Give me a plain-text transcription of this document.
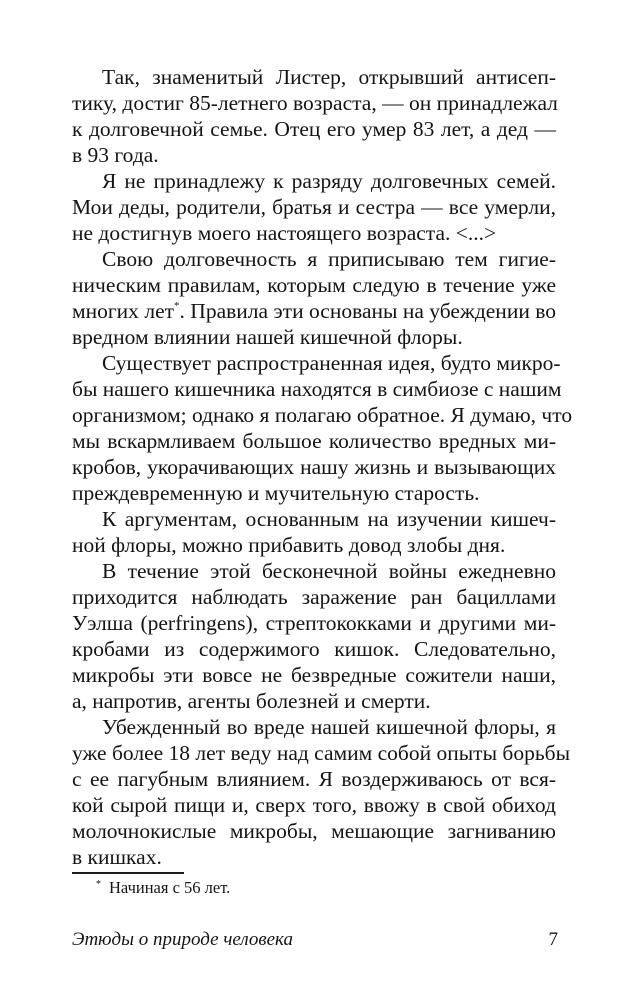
Так, знаменитый Листер, открывший антисеп-
тику, достиг 85-летнего возраста, — он принадлежал
к долговечной семье. Отец его умер 83 лет, а дед —
в 93 года.
Я не принадлежу к разряду долговечных семей.
Мои деды, родители, братья и сестра — все умерли,
не достигнув моего настоящего возраста. <...>
Свою долговечность я приписываю тем гигие-
ническим правилам, которым следую в течение уже
многих лет*. Правила эти основаны на убеждении во
вредном влиянии нашей кишечной флоры.
Существует распространенная идея, будто микро-
бы нашего кишечника находятся в симбиозе с нашим
организмом; однако я полагаю обратное. Я думаю, что
мы вскармливаем большое количество вредных ми-
кробов, укорачивающих нашу жизнь и вызывающих
преждевременную и мучительную старость.
К аргументам, основанным на изучении кишеч-
ной флоры, можно прибавить довод злобы дня.
В течение этой бесконечной войны ежедневно
приходится наблюдать заражение ран бациллами
Уэлша (perfringens), стрептококками и другими ми-
кробами из содержимого кишок. Следовательно,
микробы эти вовсе не безвредные сожители наши,
а, напротив, агенты болезней и смерти.
Убежденный во вреде нашей кишечной флоры, я
уже более 18 лет веду над самим собой опыты борьбы
с ее пагубным влиянием. Я воздерживаюсь от вся-
кой сырой пищи и, сверх того, ввожу в свой обиход
молочнокислые микробы, мешающие загниванию
в кишках.
* Начиная с 56 лет.
Этюды о природе человека	7
